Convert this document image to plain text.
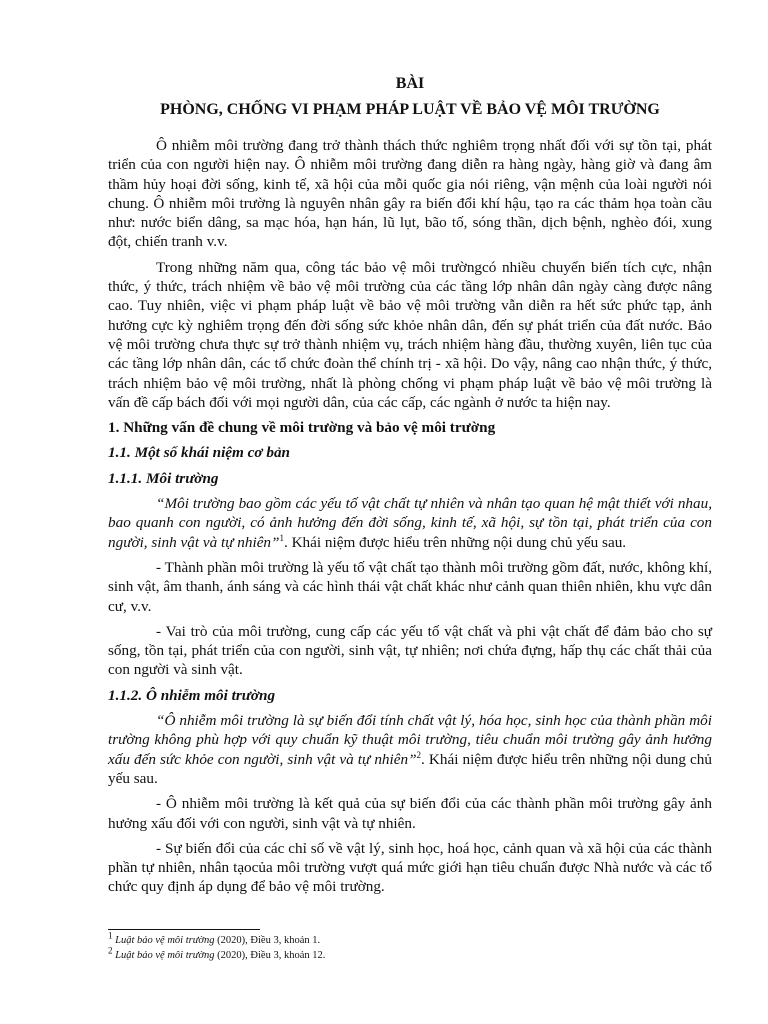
BÀI

PHÒNG, CHỐNG VI PHẠM PHÁP LUẬT VỀ BẢO VỆ MÔI TRƯỜNG

Ô nhiễm môi trường đang trở thành thách thức nghiêm trọng nhất đối với sự tồn tại, phát triển của con người hiện nay. Ô nhiễm môi trường đang diễn ra hàng ngày, hàng giờ và đang âm thầm hủy hoại đời sống, kinh tế, xã hội của mỗi quốc gia nói riêng, vận mệnh của loài người nói chung. Ô nhiễm môi trường là nguyên nhân gây ra biến đổi khí hậu, tạo ra các thảm họa toàn cầu như: nước biển dâng, sa mạc hóa, hạn hán, lũ lụt, bão tố, sóng thần, dịch bệnh, nghèo đói, xung đột, chiến tranh v.v.

Trong những năm qua, công tác bảo vệ môi trườngcó nhiều chuyển biến tích cực, nhận thức, ý thức, trách nhiệm về bảo vệ môi trường của các tầng lớp nhân dân ngày càng được nâng cao. Tuy nhiên, việc vi phạm pháp luật về bảo vệ môi trường vẫn diễn ra hết sức phức tạp, ảnh hưởng cực kỳ nghiêm trọng đến đời sống sức khỏe nhân dân, đến sự phát triển của đất nước. Bảo vệ môi trường chưa thực sự trở thành nhiệm vụ, trách nhiệm hàng đầu, thường xuyên, liên tục của các tầng lớp nhân dân, các tổ chức đoàn thể chính trị - xã hội. Do vậy, nâng cao nhận thức, ý thức, trách nhiệm bảo vệ môi trường, nhất là phòng chống vi phạm pháp luật về bảo vệ môi trường là vấn đề cấp bách đối với mọi người dân, của các cấp, các ngành ở nước ta hiện nay.

1. Những vấn đề chung về môi trường và bảo vệ môi trường

1.1. Một số khái niệm cơ bản

1.1.1. Môi trường

“Môi trường bao gồm các yếu tố vật chất tự nhiên và nhân tạo quan hệ mật thiết với nhau, bao quanh con người, có ảnh hưởng đến đời sống, kinh tế, xã hội, sự tồn tại, phát triển của con người, sinh vật và tự nhiên”$^1$. Khái niệm được hiểu trên những nội dung chủ yếu sau.

- Thành phần môi trường là yếu tố vật chất tạo thành môi trường gồm đất, nước, không khí, sinh vật, âm thanh, ánh sáng và các hình thái vật chất khác như cảnh quan thiên nhiên, khu vực dân cư, v.v.

- Vai trò của môi trường, cung cấp các yếu tố vật chất và phi vật chất để đảm bảo cho sự sống, tồn tại, phát triển của con người, sinh vật, tự nhiên; nơi chứa đựng, hấp thụ các chất thải của con người và sinh vật.

1.1.2. Ô nhiễm môi trường

“Ô nhiễm môi trường là sự biến đổi tính chất vật lý, hóa học, sinh học của thành phần môi trường không phù hợp với quy chuẩn kỹ thuật môi trường, tiêu chuẩn môi trường gây ảnh hưởng xấu đến sức khỏe con người, sinh vật và tự nhiên”$^2$. Khái niệm được hiểu trên những nội dung chủ yếu sau.

- Ô nhiễm môi trường là kết quả của sự biến đổi của các thành phần môi trường gây ảnh hưởng xấu đối với con người, sinh vật và tự nhiên.

- Sự biến đổi của các chỉ số về vật lý, sinh học, hoá học, cảnh quan và xã hội của các thành phần tự nhiên, nhân tạocủa môi trường vượt quá mức giới hạn tiêu chuẩn được Nhà nước và các tổ chức quy định áp dụng để bảo vệ môi trường.

$^1$ Luật bảo vệ môi trường (2020), Điều 3, khoản 1.
$^2$ Luật bảo vệ môi trường (2020), Điều 3, khoản 12.
